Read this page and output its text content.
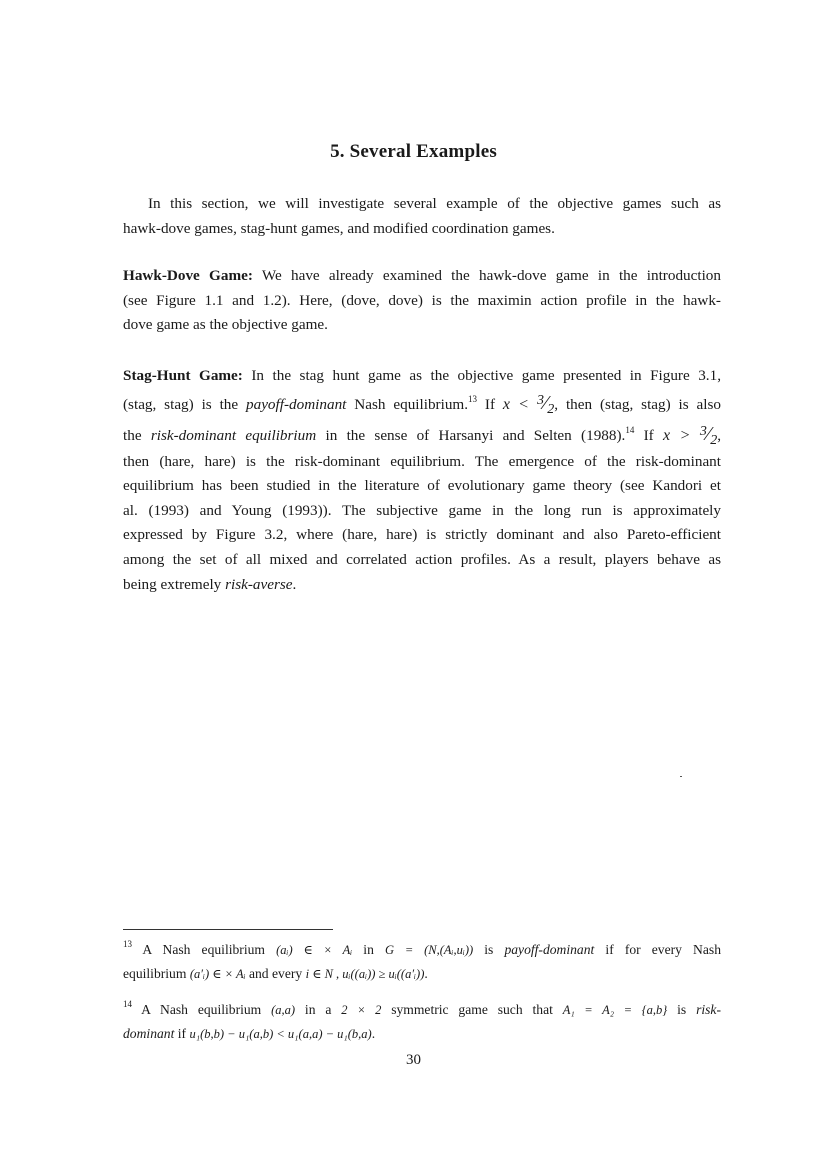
5. Several Examples
In this section, we will investigate several example of the objective games such as
hawk-dove games, stag-hunt games, and modified coordination games.
Hawk-Dove Game: We have already examined the hawk-dove game in the introduction
(see Figure 1.1 and 1.2). Here, (dove, dove) is the maximin action profile in the hawk-
dove game as the objective game.
Stag-Hunt Game: In the stag hunt game as the objective game presented in Figure 3.1,
(stag, stag) is the payoff-dominant Nash equilibrium.$^{13}$ If x < 3⁄2, then (stag, stag) is also
the risk-dominant equilibrium in the sense of Harsanyi and Selten (1988).$^{14}$ If x > 3⁄2,
then (hare, hare) is the risk-dominant equilibrium. The emergence of the risk-dominant
equilibrium has been studied in the literature of evolutionary game theory (see Kandori et
al. (1993) and Young (1993)). The subjective game in the long run is approximately
expressed by Figure 3.2, where (hare, hare) is strictly dominant and also Pareto-efficient
among the set of all mixed and correlated action profiles. As a result, players behave as
being extremely risk-averse.
$^{13}$ A Nash equilibrium (aᵢ) ∈ × Aᵢ in G = (N,(Aᵢ,uᵢ)) is payoff-dominant if for every Nash
equilibrium (a′ᵢ) ∈ × Aᵢ and every i ∈ N , uᵢ((aᵢ)) ≥ uᵢ((a′ᵢ)).
$^{14}$ A Nash equilibrium (a,a) in a 2 × 2 symmetric game such that A₁ = A₂ = {a,b} is risk-
dominant if u₁(b,b) − u₁(a,b) < u₁(a,a) − u₁(b,a).
30
